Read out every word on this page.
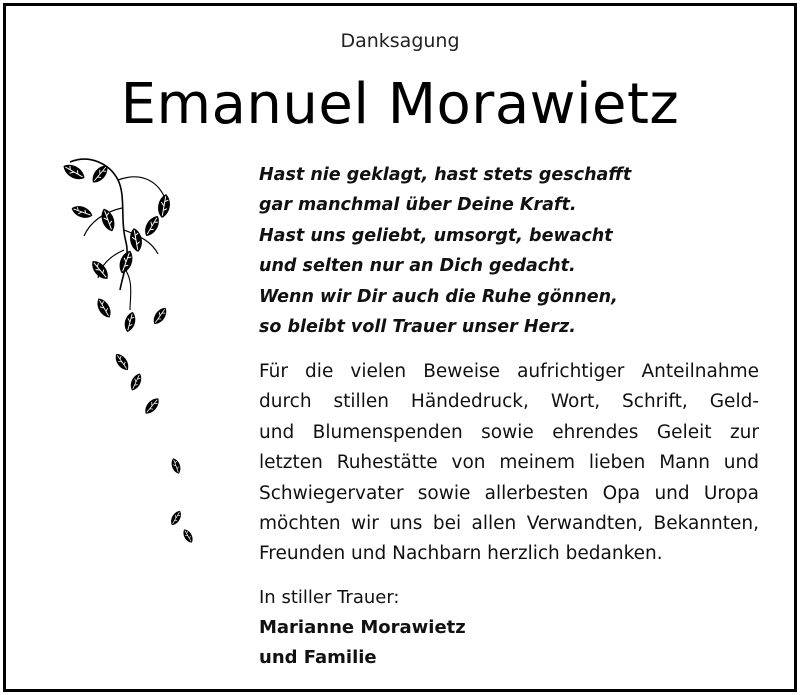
Danksagung
Emanuel Morawietz
Hast nie geklagt, hast stets geschafft
gar manchmal über Deine Kraft.
Hast uns geliebt, umsorgt, bewacht
und selten nur an Dich gedacht.
Wenn wir Dir auch die Ruhe gönnen,
so bleibt voll Trauer unser Herz.
Für die vielen Beweise aufrichtiger Anteilnahme
durch stillen Händedruck, Wort, Schrift, Geld-
und Blumenspenden sowie ehrendes Geleit zur
letzten Ruhestätte von meinem lieben Mann und
Schwiegervater sowie allerbesten Opa und Uropa
möchten wir uns bei allen Verwandten, Bekannten,
Freunden und Nachbarn herzlich bedanken.
In stiller Trauer:
Marianne Morawietz
und Familie
